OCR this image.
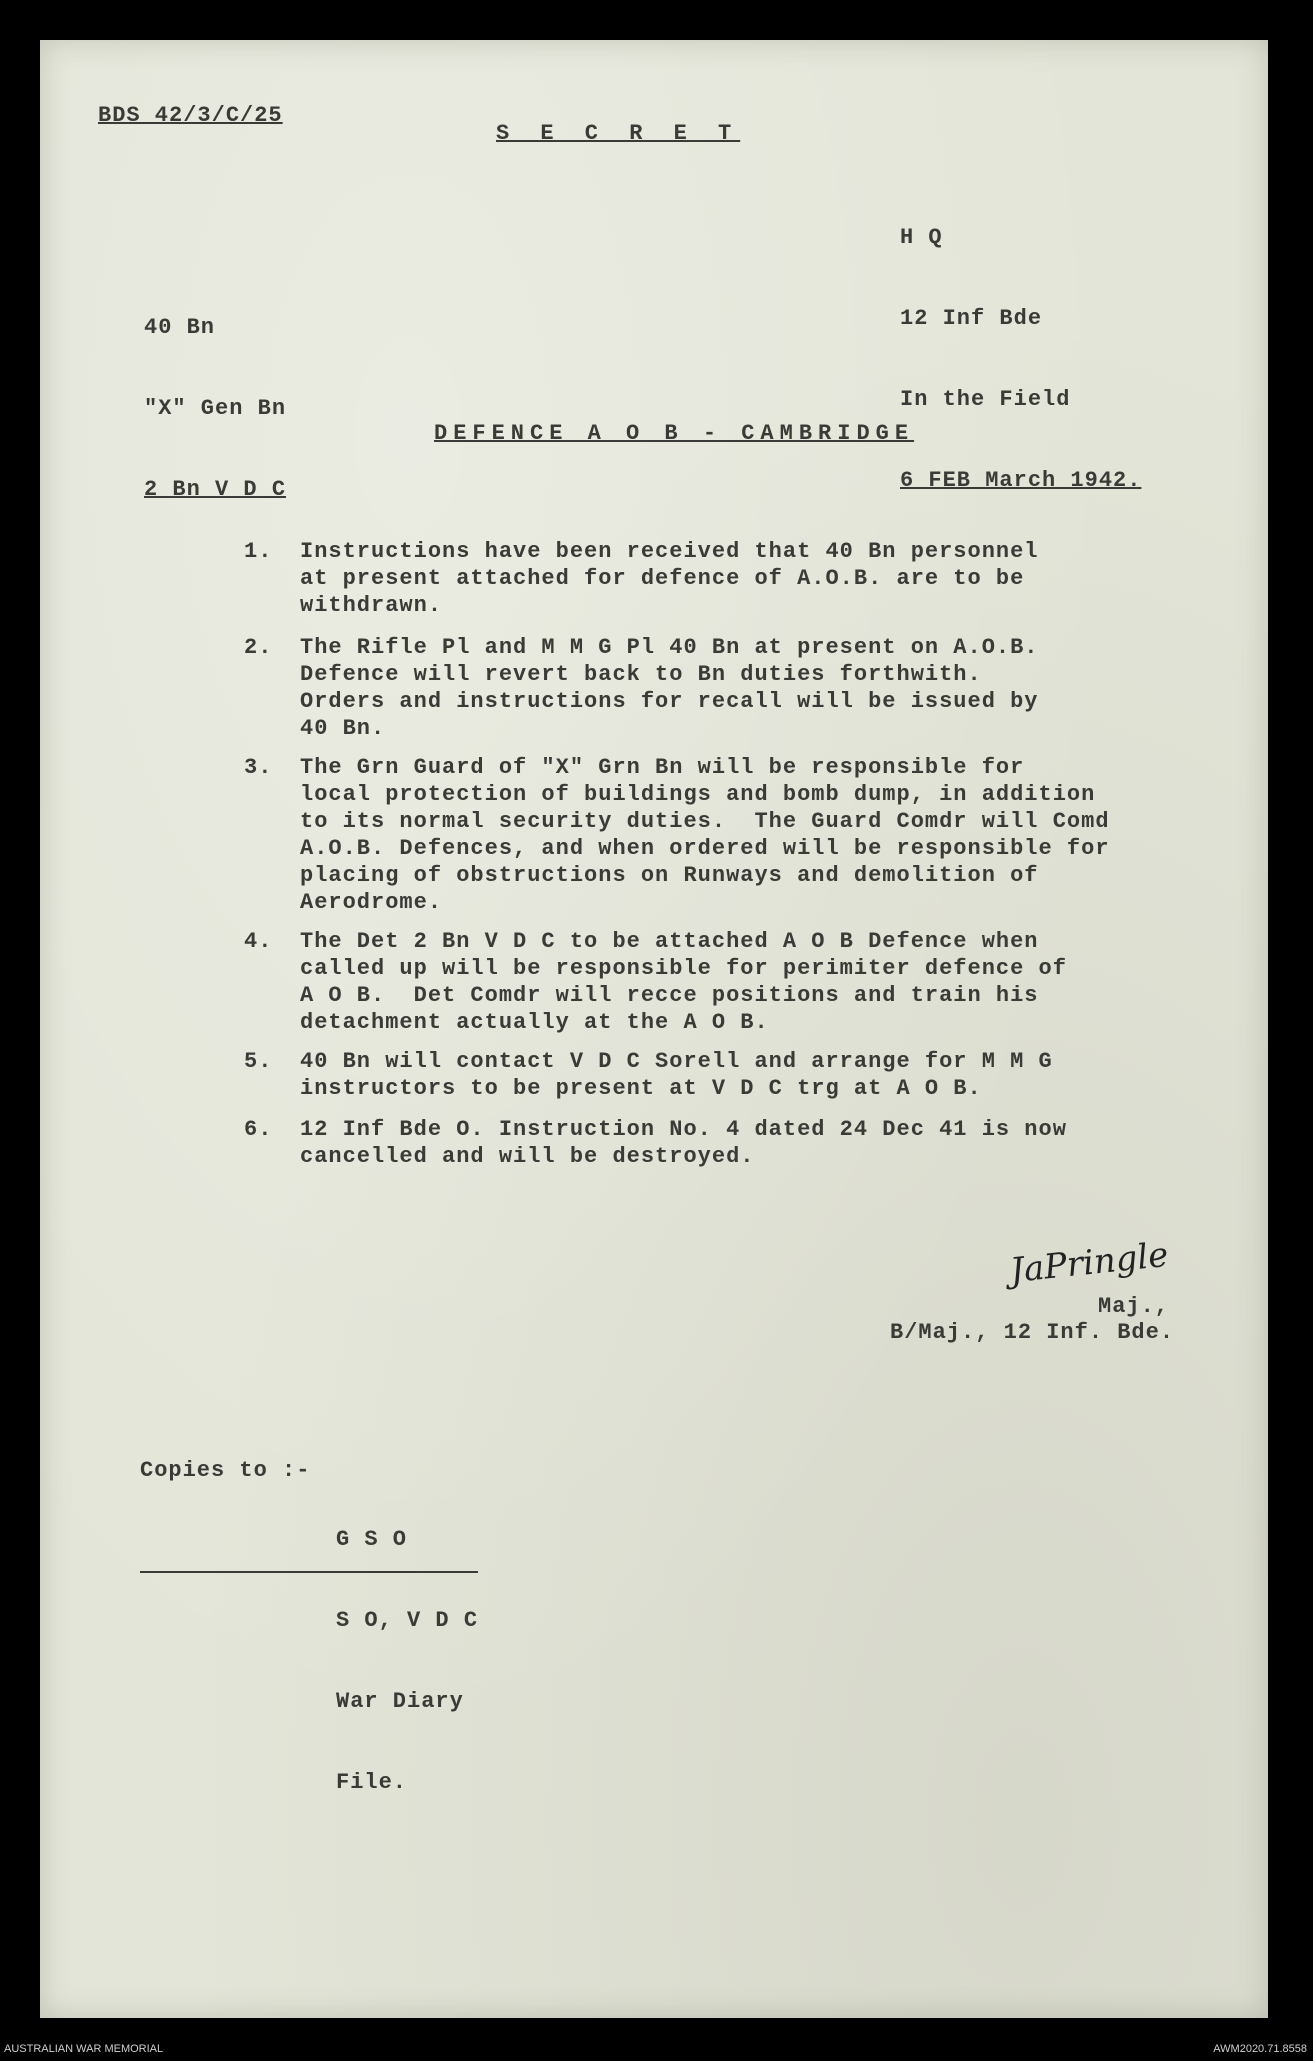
BDS 42/3/C/25
S E C R E T

H Q

12 Inf Bde

In the Field

6 FEB March 1942.

40 Bn

"X" Gen Bn

2 Bn V D C

DEFENCE A O B - CAMBRIDGE
1. Instructions have been received that 40 Bn personnel
at present attached for defence of A.O.B. are to be
withdrawn.
2. The Rifle Pl and M M G Pl 40 Bn at present on A.O.B.
Defence will revert back to Bn duties forthwith.
Orders and instructions for recall will be issued by
40 Bn.
3. The Grn Guard of "X" Grn Bn will be responsible for
local protection of buildings and bomb dump, in addition
to its normal security duties.  The Guard Comdr will Comd
A.O.B. Defences, and when ordered will be responsible for
placing of obstructions on Runways and demolition of
Aerodrome.
4. The Det 2 Bn V D C to be attached A O B Defence when
called up will be responsible for perimiter defence of
A O B.  Det Comdr will recce positions and train his
detachment actually at the A O B.
5. 40 Bn will contact V D C Sorell and arrange for M M G
instructors to be present at V D C trg at A O B.
6. 12 Inf Bde O. Instruction No. 4 dated 24 Dec 41 is now
cancelled and will be destroyed.
JaPringle
Maj.,
B/Maj., 12 Inf. Bde.
Copies to :-

G S O

S O, V D C

War Diary

File.

AUSTRALIAN WAR MEMORIAL	AWM2020.71.8558
